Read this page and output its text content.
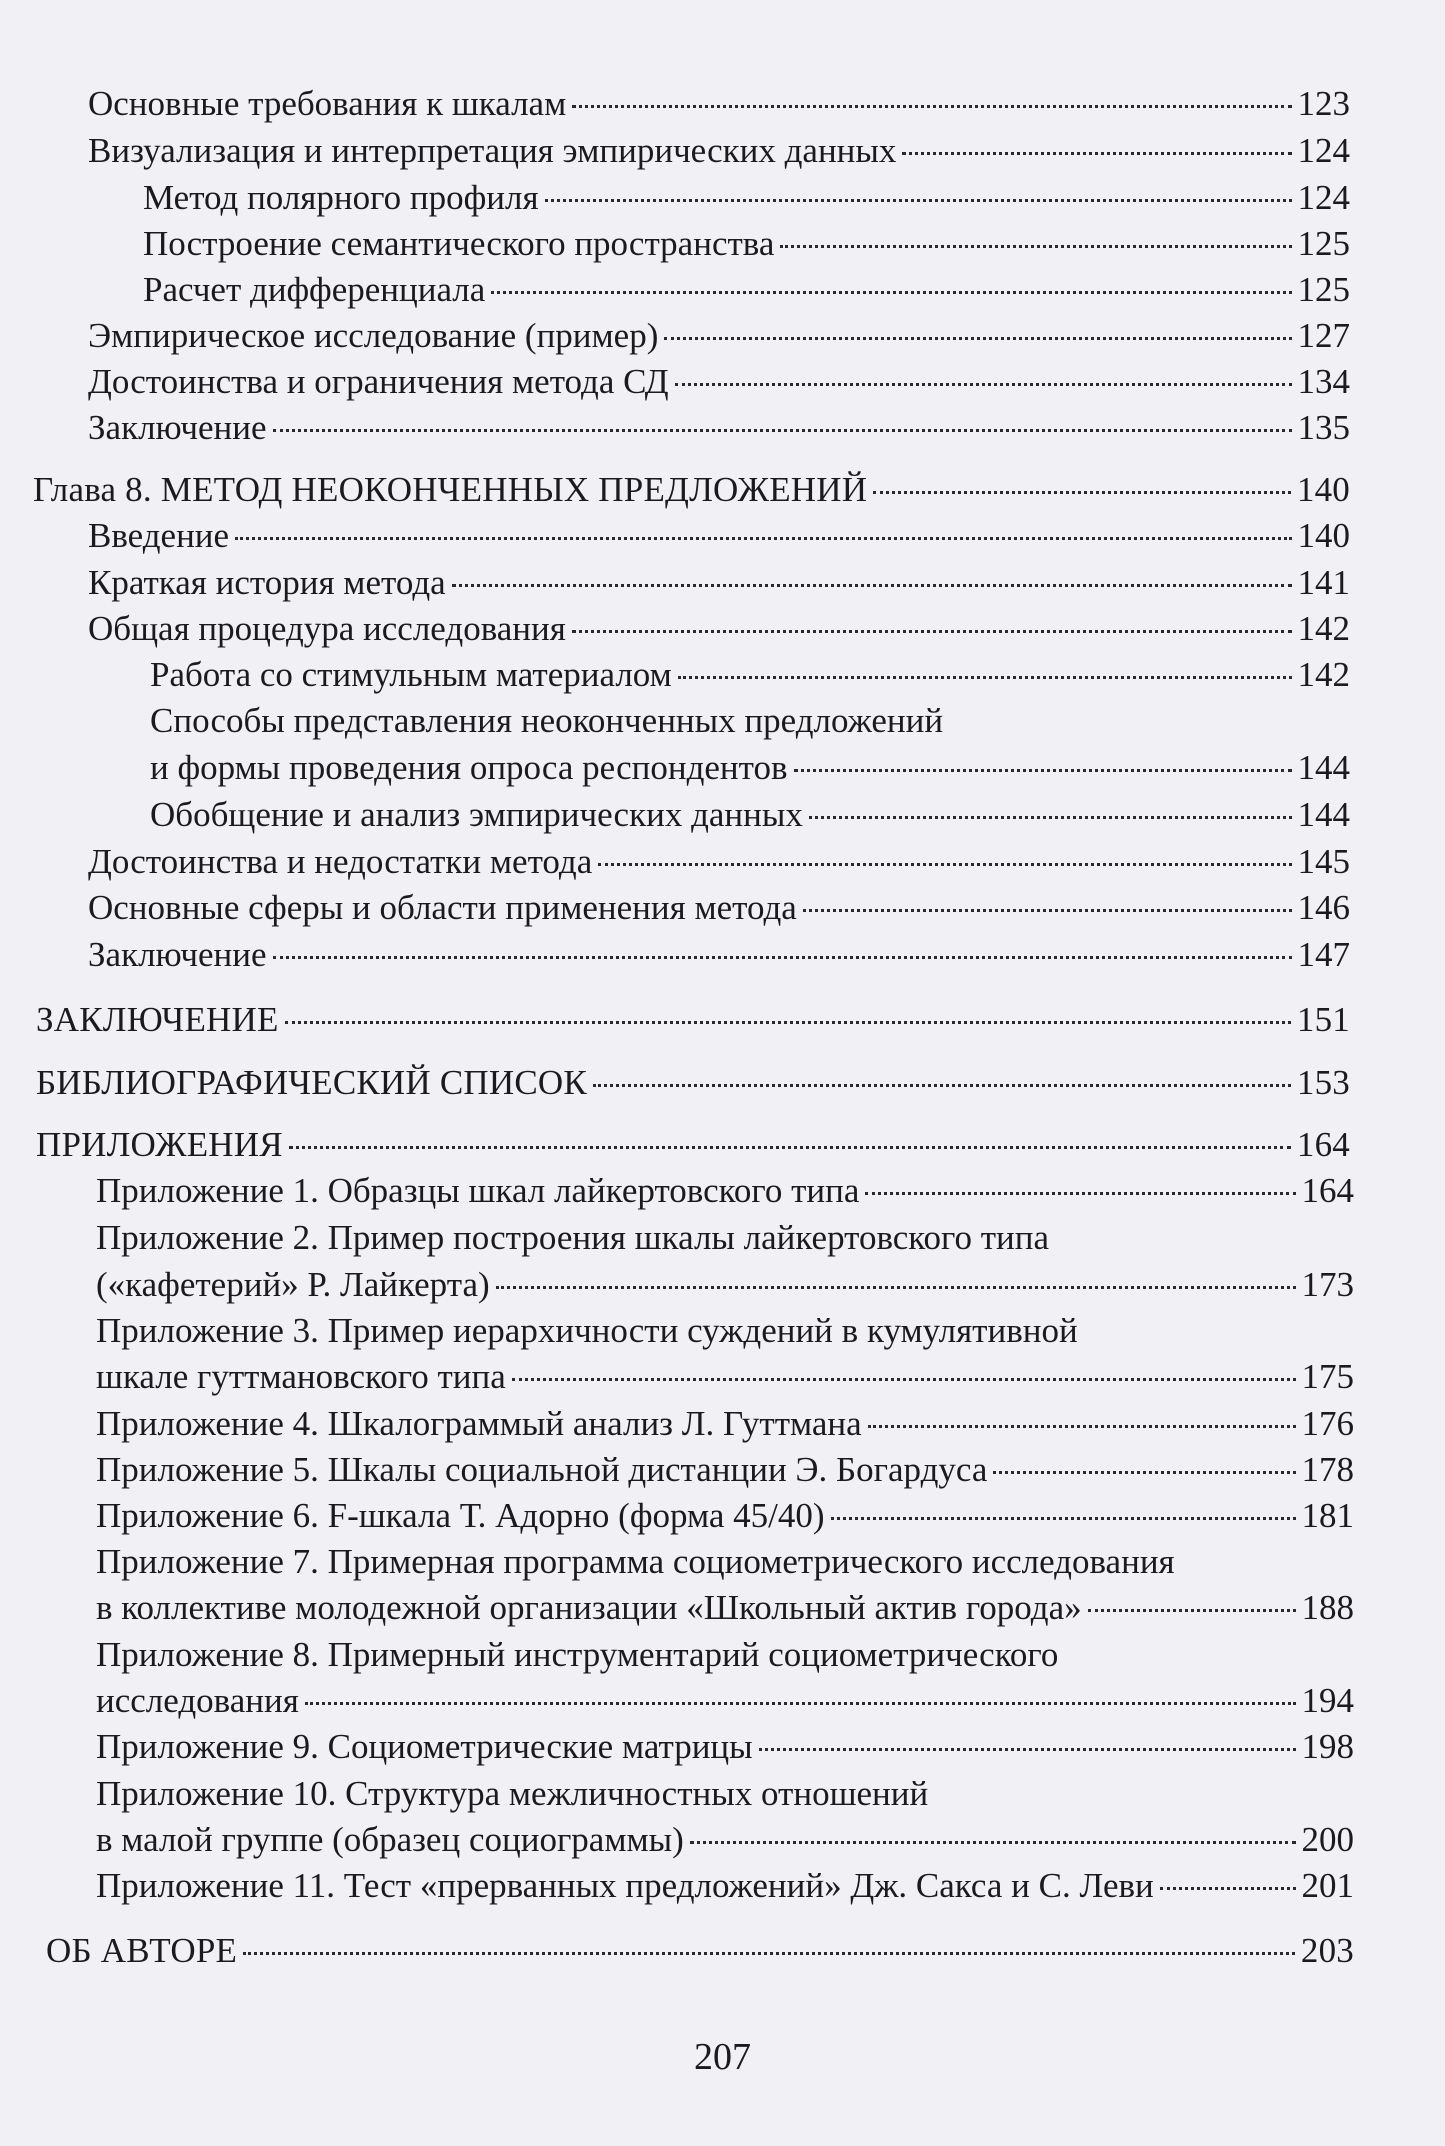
Основные требования к шкалам	123
Визуализация и интерпретация эмпирических данных	124
Метод полярного профиля	124
Построение семантического пространства	125
Расчет дифференциала	125
Эмпирическое исследование (пример)	127
Достоинства и ограничения метода СД	134
Заключение	135
Глава 8. МЕТОД НЕОКОНЧЕННЫХ ПРЕДЛОЖЕНИЙ	140
Введение	140
Краткая история метода	141
Общая процедура исследования	142
Работа со стимульным материалом	142
Способы представления неоконченных предложений
и формы проведения опроса респондентов	144
Обобщение и анализ эмпирических данных	144
Достоинства и недостатки метода	145
Основные сферы и области применения метода	146
Заключение	147
ЗАКЛЮЧЕНИЕ	151
БИБЛИОГРАФИЧЕСКИЙ СПИСОК	153
ПРИЛОЖЕНИЯ	164
Приложение 1. Образцы шкал лайкертовского типа	164
Приложение 2. Пример построения шкалы лайкертовского типа
(«кафетерий» Р. Лайкерта)	173
Приложение 3. Пример иерархичности суждений в кумулятивной
шкале гуттмановского типа	175
Приложение 4. Шкалограммый анализ Л. Гуттмана	176
Приложение 5. Шкалы социальной дистанции Э. Богардуса	178
Приложение 6. F-шкала Т. Адорно (форма 45/40)	181
Приложение 7. Примерная программа социометрического исследования
в коллективе молодежной организации «Школьный актив города»	188
Приложение 8. Примерный инструментарий социометрического
исследования	194
Приложение 9. Социометрические матрицы	198
Приложение 10. Структура межличностных отношений
в малой группе (образец социограммы)	200
Приложение 11. Тест «прерванных предложений» Дж. Сакса и С. Леви	201
ОБ АВТОРЕ	203
207
